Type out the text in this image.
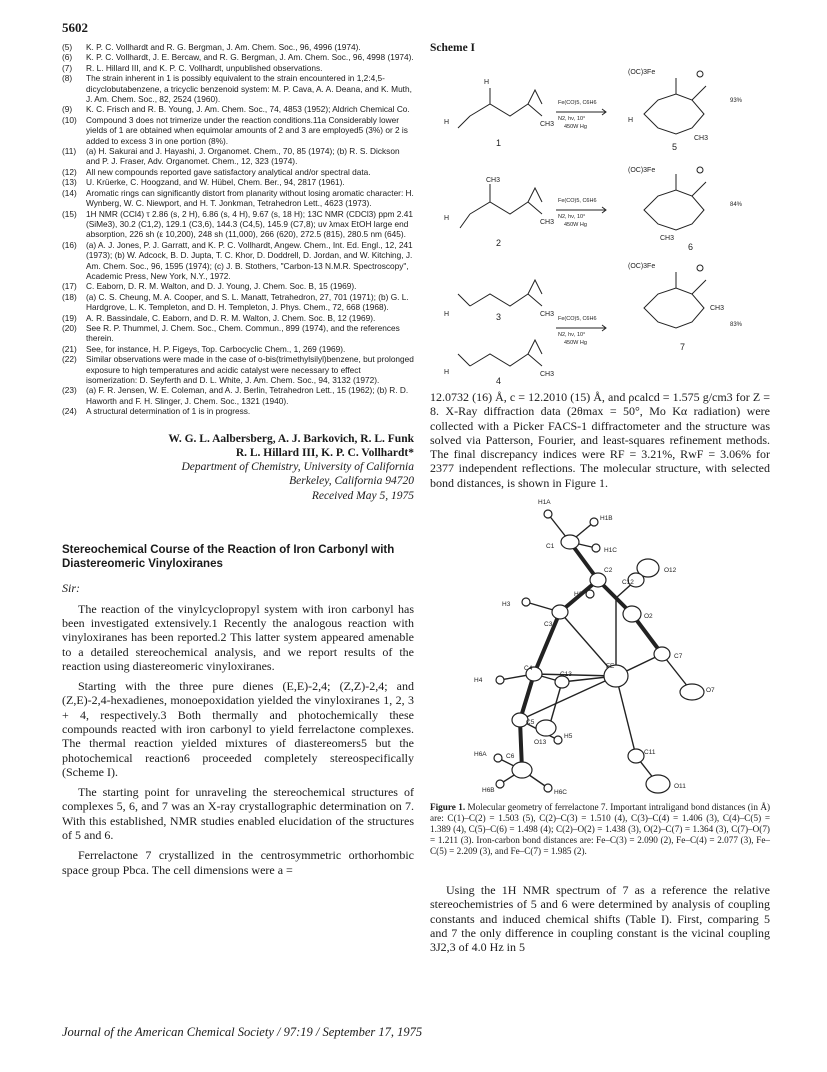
5602
(5)	K. P. C. Vollhardt and R. G. Bergman, J. Am. Chem. Soc., 96, 4996 (1974).
(6)	K. P. C. Vollhardt, J. E. Bercaw, and R. G. Bergman, J. Am. Chem. Soc., 96, 4998 (1974).
(7)	R. L. Hillard III, and K. P. C. Vollhardt, unpublished observations.
(8)	The strain inherent in 1 is possibly equivalent to the strain encountered in 1,2:4,5-dicyclobutabenzene, a tricyclic benzenoid system: M. P. Cava, A. A. Deana, and K. Muth, J. Am. Chem. Soc., 82, 2524 (1960).
(9)	K. C. Frisch and R. B. Young, J. Am. Chem. Soc., 74, 4853 (1952); Aldrich Chemical Co.
(10)	Compound 3 does not trimerize under the reaction conditions.11a Considerably lower yields of 1 are obtained when equimolar amounts of 2 and 3 are employed5 (3%) or 2 is added to excess 3 in one portion (8%).
(11)	(a) H. Sakurai and J. Hayashi, J. Organomet. Chem., 70, 85 (1974); (b) R. S. Dickson and P. J. Fraser, Adv. Organomet. Chem., 12, 323 (1974).
(12)	All new compounds reported gave satisfactory analytical and/or spectral data.
(13)	U. Krüerke, C. Hoogzand, and W. Hübel, Chem. Ber., 94, 2817 (1961).
(14)	Aromatic rings can significantly distort from planarity without losing aromatic character: H. Wynberg, W. C. Niewport, and H. T. Jonkman, Tetrahedron Lett., 4623 (1973).
(15)	1H NMR (CCl4) τ 2.86 (s, 2 H), 6.86 (s, 4 H), 9.67 (s, 18 H); 13C NMR (CDCl3) ppm 2.41 (SiMe3), 30.2 (C1,2), 129.1 (C3,6), 144.3 (C4,5), 145.9 (C7,8); uv λmax EtOH large end absorption, 226 sh (ε 10,200), 248 sh (11,000), 266 (620), 272.5 (815), 280.5 nm (645).
(16)	(a) A. J. Jones, P. J. Garratt, and K. P. C. Vollhardt, Angew. Chem., Int. Ed. Engl., 12, 241 (1973); (b) W. Adcock, B. D. Jupta, T. C. Khor, D. Doddrell, D. Jordan, and W. Kitching, J. Am. Chem. Soc., 96, 1595 (1974); (c) J. B. Stothers, "Carbon-13 N.M.R. Spectroscopy", Academic Press, New York, N.Y., 1972.
(17)	C. Eaborn, D. R. M. Walton, and D. J. Young, J. Chem. Soc. B, 15 (1969).
(18)	(a) C. S. Cheung, M. A. Cooper, and S. L. Manatt, Tetrahedron, 27, 701 (1971); (b) G. L. Hardgrove, L. K. Templeton, and D. H. Templeton, J. Phys. Chem., 72, 668 (1968).
(19)	A. R. Bassindale, C. Eaborn, and D. R. M. Walton, J. Chem. Soc. B, 12 (1969).
(20)	See R. P. Thummel, J. Chem. Soc., Chem. Commun., 899 (1974), and the references therein.
(21)	See, for instance, H. P. Figeys, Top. Carbocyclic Chem., 1, 269 (1969).
(22)	Similar observations were made in the case of o-bis(trimethylsilyl)benzene, but prolonged exposure to high temperatures and acidic catalyst were necessary to effect isomerization: D. Seyferth and D. L. White, J. Am. Chem. Soc., 94, 3132 (1972).
(23)	(a) F. R. Jensen, W. E. Coleman, and A. J. Berlin, Tetrahedron Lett., 15 (1962); (b) R. D. Haworth and F. H. Slinger, J. Chem. Soc., 1321 (1940).
(24)	A structural determination of 1 is in progress.
W. G. L. Aalbersberg, A. J. Barkovich, R. L. Funk
R. L. Hillard III, K. P. C. Vollhardt*
Department of Chemistry, University of California
Berkeley, California 94720
Received May 5, 1975
Stereochemical Course of the Reaction of Iron Carbonyl with Diastereomeric Vinyloxiranes
Sir:

The reaction of the vinylcyclopropyl system with iron carbonyl has been investigated extensively.1 Recently the analogous reaction with vinyloxiranes has been reported.2 This latter system appeared amenable to a detailed stereochemical analysis, and we report results of the reaction using diastereomeric vinyloxiranes.

Starting with the three pure dienes (E,E)-2,4; (Z,Z)-2,4; and (Z,E)-2,4-hexadienes, monoepoxidation yielded the vinyloxiranes 1, 2, 3 + 4, respectively.3 Both thermally and photochemically these compounds reacted with iron carbonyl to yield ferrelactone complexes. The thermal reaction yielded mixtures of diastereomers5 but the photochemical reaction6 proceeded completely stereospecifically (Scheme I).

The starting point for unraveling the stereochemical structures of complexes 5, 6, and 7 was an X-ray crystallographic determination on 7. With this established, NMR studies enabled elucidation of the structures of 5 and 6.

Ferrelactone 7 crystallized in the centrosymmetric orthorhombic space group Pbca. The cell dimensions were a =

Scheme I
H
H
CH3
1
Fe(CO)5, C6H6
N2, hν, 10°
450W Hg
(OC)3Fe
H
CH3
5
93%
CH3
H
CH3
2
Fe(CO)5, C6H6
N2, hν, 10°
450W Hg
(OC)3Fe
CH3
6
84%
H	CH3
3
H	CH3
4
Fe(CO)5, C6H6
N2, hν, 10°
450W Hg
(OC)3Fe
CH3
7
83%

12.0732 (16) Å, c = 12.2010 (15) Å, and ρcalcd = 1.575 g/cm3 for Z = 8. X-Ray diffraction data (2θmax = 50°, Mo Kα radiation) were collected with a Picker FACS-1 diffractometer and the structure was solved via Patterson, Fourier, and least-squares refinement methods. The final discrepancy indices were RF = 3.21%, RwF = 3.06% for 2377 independent reflections. The molecular structure, with selected bond distances, is shown in Figure 1.

H1A
H1B
C1
H1C
H3
C2	O12
H2
C12
C3
O2
C4
C13
FE
C7
H4
O7
O13
C5
H5
C11
H6A	C6
O11
H6B	H6C
Figure 1. Molecular geometry of ferrelactone 7. Important intraligand bond distances (in Å) are: C(1)–C(2) = 1.503 (5), C(2)–C(3) = 1.510 (4), C(3)–C(4) = 1.406 (3), C(4)–C(5) = 1.389 (4), C(5)–C(6) = 1.498 (4); C(2)–O(2) = 1.438 (3), O(2)–C(7) = 1.364 (3), C(7)–O(7) = 1.211 (3). Iron-carbon bond distances are: Fe–C(3) = 2.090 (2), Fe–C(4) = 2.077 (3), Fe–C(5) = 2.209 (3), and Fe–C(7) = 1.985 (2).

Using the 1H NMR spectrum of 7 as a reference the relative stereochemistries of 5 and 6 were determined by analysis of coupling constants and induced chemical shifts (Table I). First, comparing 5 and 7 the only difference in coupling constant is the vicinal coupling 3J2,3 of 4.0 Hz in 5

Journal of the American Chemical Society / 97:19 / September 17, 1975
